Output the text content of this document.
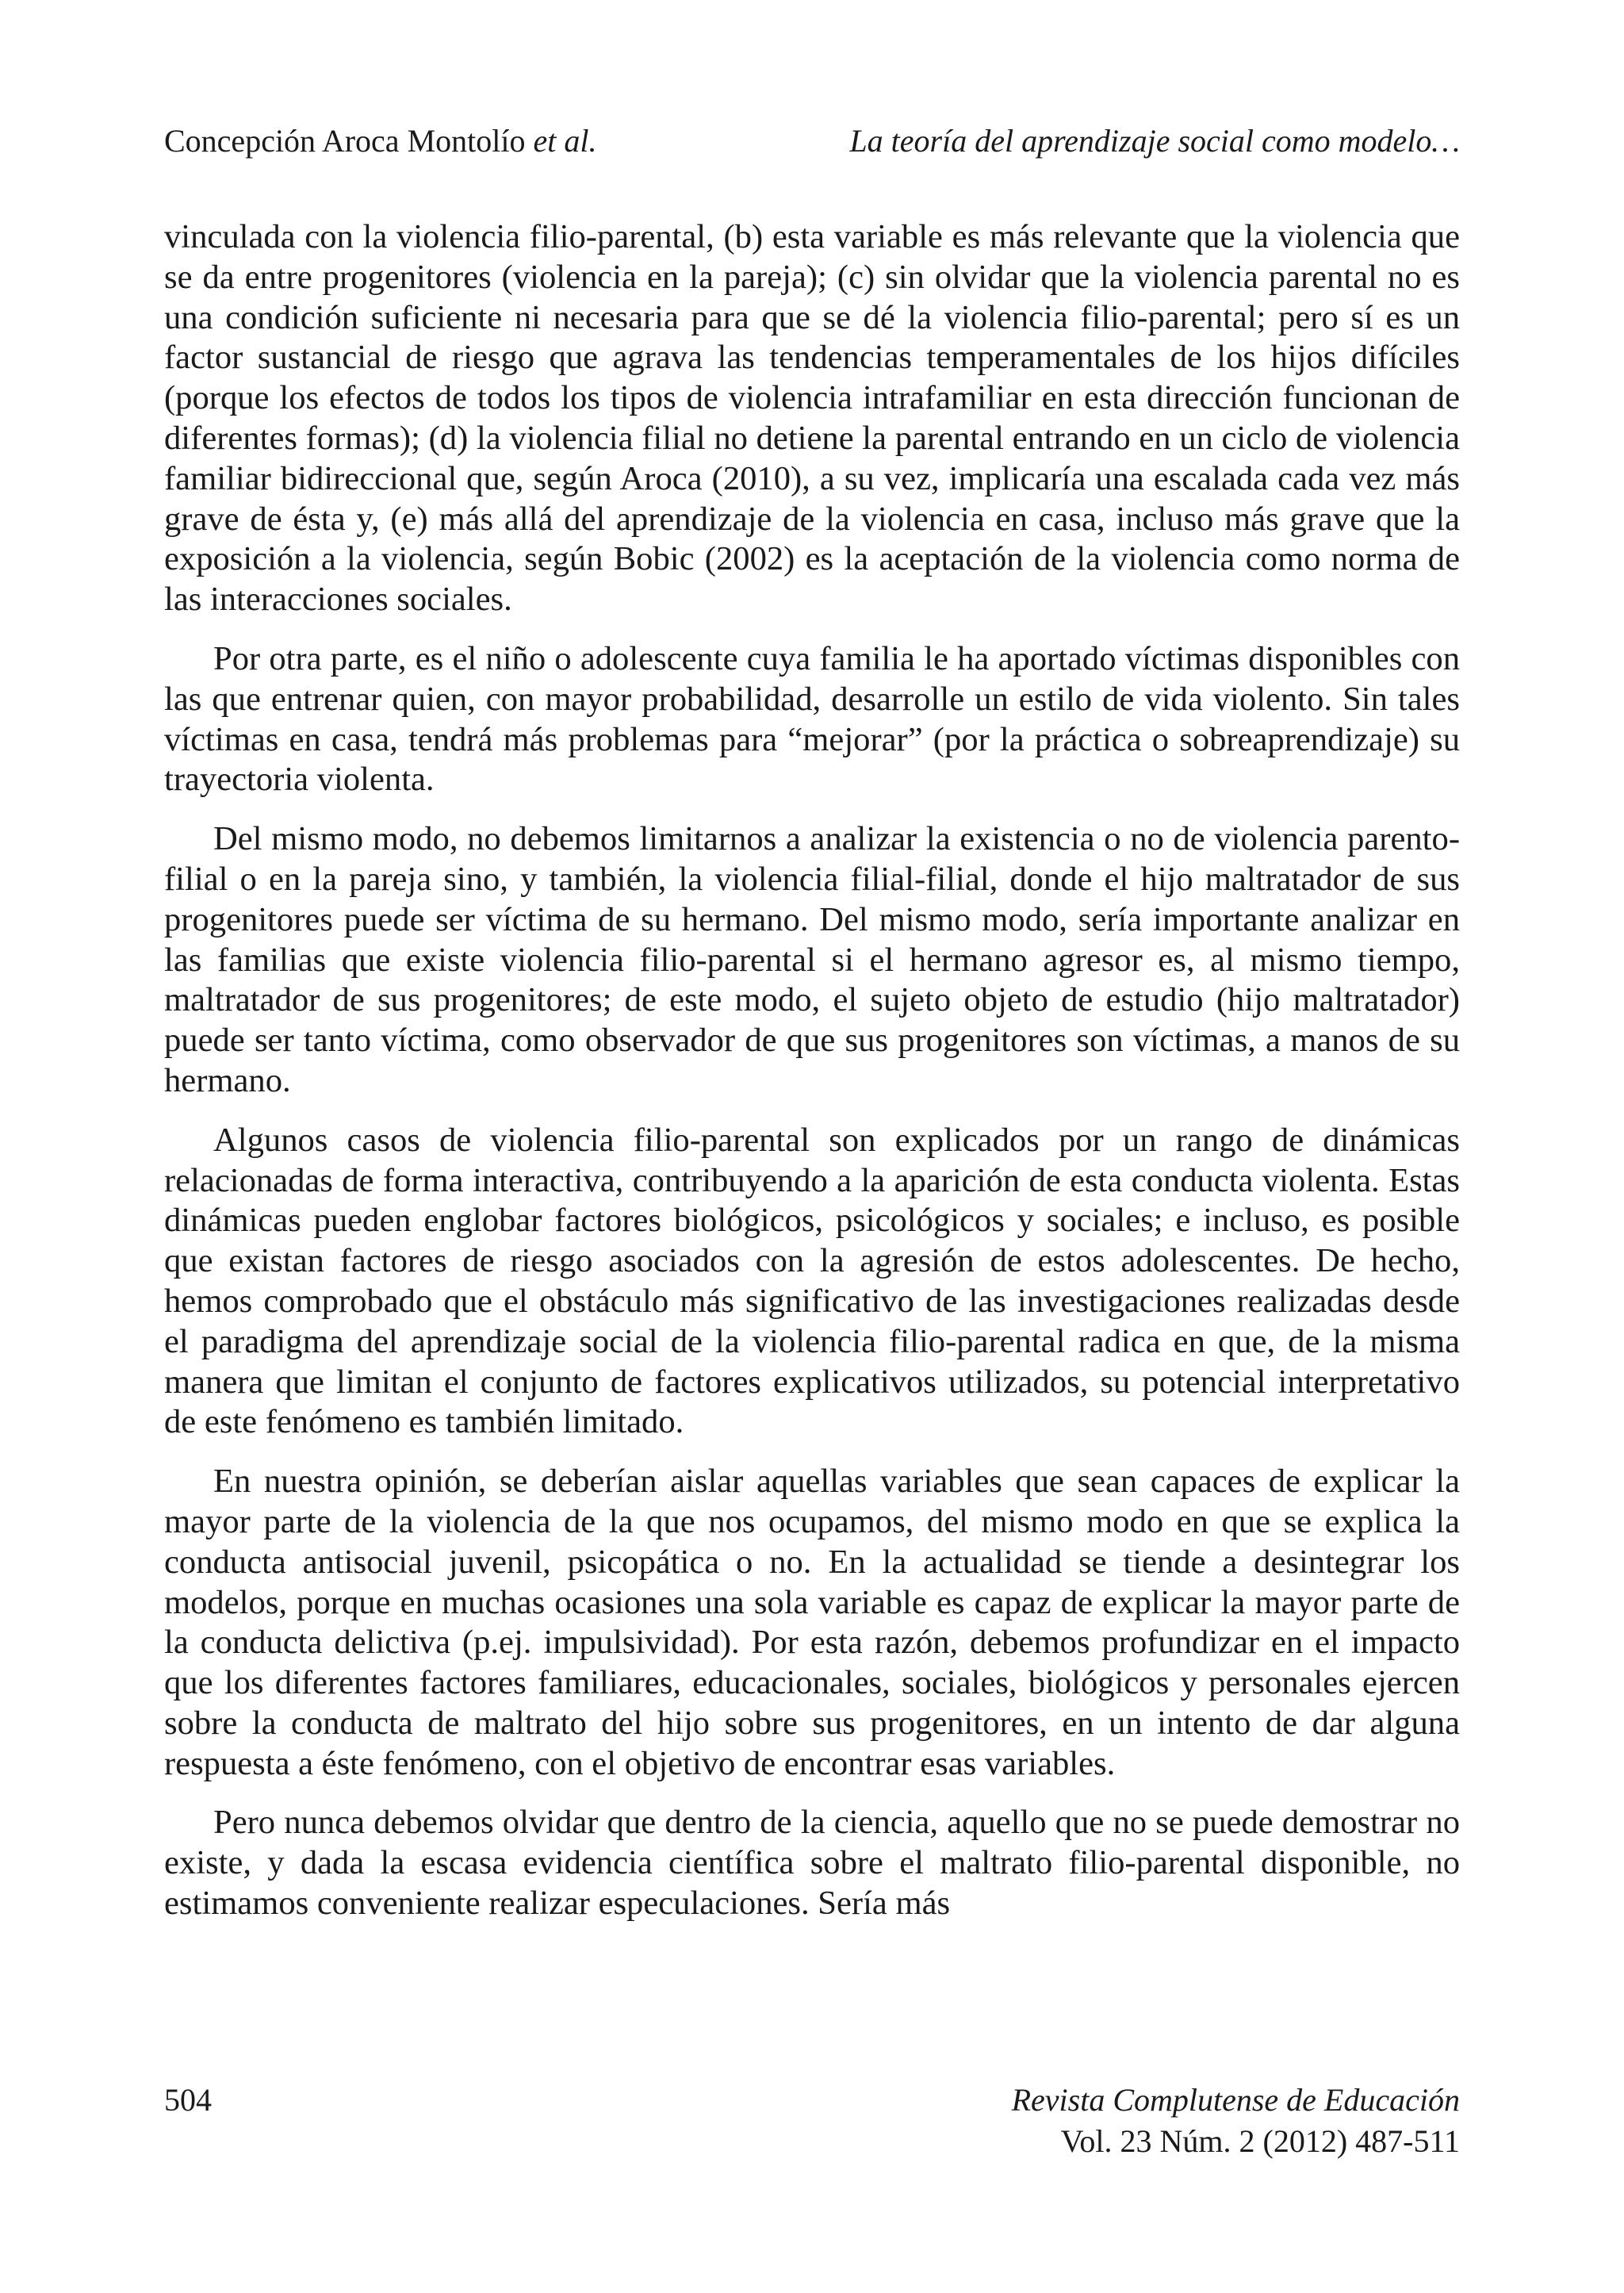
Concepción Aroca Montolío et al.	La teoría del aprendizaje social como modelo…

vinculada con la violencia filio-parental, (b) esta variable es más relevante que la violencia que se da entre progenitores (violencia en la pareja); (c) sin olvidar que la violencia parental no es una condición suficiente ni necesaria para que se dé la violencia filio-parental; pero sí es un factor sustancial de riesgo que agrava las tendencias temperamentales de los hijos difíciles (porque los efectos de todos los tipos de violencia intrafamiliar en esta dirección funcionan de diferentes formas); (d) la violencia filial no detiene la parental entrando en un ciclo de violencia familiar bidireccional que, según Aroca (2010), a su vez, implicaría una escalada cada vez más grave de ésta y, (e) más allá del aprendizaje de la violencia en casa, incluso más grave que la exposición a la violencia, según Bobic (2002) es la aceptación de la violencia como norma de las interacciones sociales.

Por otra parte, es el niño o adolescente cuya familia le ha aportado víctimas disponibles con las que entrenar quien, con mayor probabilidad, desarrolle un estilo de vida violento. Sin tales víctimas en casa, tendrá más problemas para “mejorar” (por la práctica o sobreaprendizaje) su trayectoria violenta.

Del mismo modo, no debemos limitarnos a analizar la existencia o no de violencia parento-filial o en la pareja sino, y también, la violencia filial-filial, donde el hijo maltratador de sus progenitores puede ser víctima de su hermano. Del mismo modo, sería importante analizar en las familias que existe violencia filio-parental si el hermano agresor es, al mismo tiempo, maltratador de sus progenitores; de este modo, el sujeto objeto de estudio (hijo maltratador) puede ser tanto víctima, como observador de que sus progenitores son víctimas, a manos de su hermano.

Algunos casos de violencia filio-parental son explicados por un rango de dinámicas relacionadas de forma interactiva, contribuyendo a la aparición de esta conducta violenta. Estas dinámicas pueden englobar factores biológicos, psicológicos y sociales; e incluso, es posible que existan factores de riesgo asociados con la agresión de estos adolescentes. De hecho, hemos comprobado que el obstáculo más significativo de las investigaciones realizadas desde el paradigma del aprendizaje social de la violencia filio-parental radica en que, de la misma manera que limitan el conjunto de factores explicativos utilizados, su potencial interpretativo de este fenómeno es también limitado.

En nuestra opinión, se deberían aislar aquellas variables que sean capaces de explicar la mayor parte de la violencia de la que nos ocupamos, del mismo modo en que se explica la conducta antisocial juvenil, psicopática o no. En la actualidad se tiende a desintegrar los modelos, porque en muchas ocasiones una sola variable es capaz de explicar la mayor parte de la conducta delictiva (p.ej. impulsividad). Por esta razón, debemos profundizar en el impacto que los diferentes factores familiares, educacionales, sociales, biológicos y personales ejercen sobre la conducta de maltrato del hijo sobre sus progenitores, en un intento de dar alguna respuesta a éste fenómeno, con el objetivo de encontrar esas variables.

Pero nunca debemos olvidar que dentro de la ciencia, aquello que no se puede demostrar no existe, y dada la escasa evidencia científica sobre el maltrato filio-parental disponible, no estimamos conveniente realizar especulaciones. Sería más

504	Revista Complutense de Educación
Vol. 23 Núm. 2 (2012) 487-511
